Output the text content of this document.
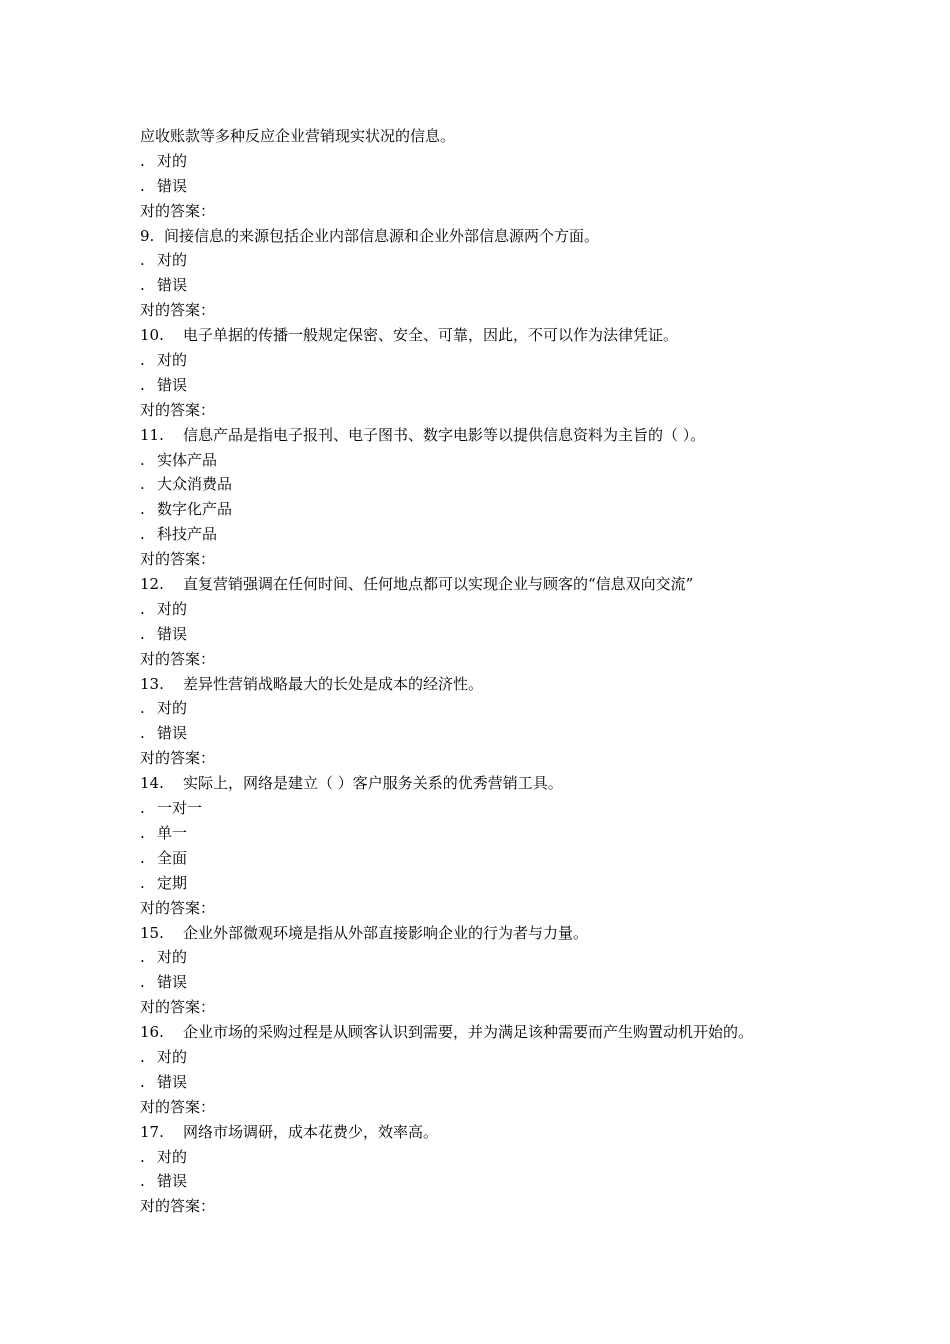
应收账款等多种反应企业营销现实状况的信息。
. 对的
. 错误
对的答案：
9. 间接信息的来源包括企业内部信息源和企业外部信息源两个方面。
. 对的
. 错误
对的答案：
10. 电子单据的传播一般规定保密、安全、可靠，因此，不可以作为法律凭证。
. 对的
. 错误
对的答案：
11. 信息产品是指电子报刊、电子图书、数字电影等以提供信息资料为主旨的（ ）。
. 实体产品
. 大众消费品
. 数字化产品
. 科技产品
对的答案：
12. 直复营销强调在任何时间、任何地点都可以实现企业与顾客的“信息双向交流”
. 对的
. 错误
对的答案：
13. 差异性营销战略最大的长处是成本的经济性。
. 对的
. 错误
对的答案：
14. 实际上，网络是建立（ ）客户服务关系的优秀营销工具。
. 一对一
. 单一
. 全面
. 定期
对的答案：
15. 企业外部微观环境是指从外部直接影响企业的行为者与力量。
. 对的
. 错误
对的答案：
16. 企业市场的采购过程是从顾客认识到需要，并为满足该种需要而产生购置动机开始的。
. 对的
. 错误
对的答案：
17. 网络市场调研，成本花费少，效率高。
. 对的
. 错误
对的答案：
